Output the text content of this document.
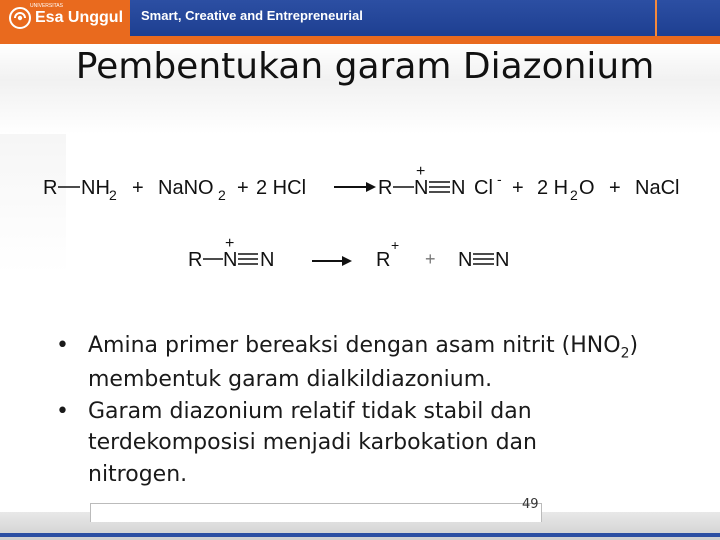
Esa Unggul
UNIVERSITAS
Smart, Creative and Entrepreneurial
Pembentukan garam Diazonium
R NH 2 + NaNO 2 + 2 HCl	R N
+
N Cl - + 2 H 2 O + NaCl
R N
+
N	R
+
+ N N
• Amina primer bereaksi dengan asam nitrit $(HNO_2)$
membentuk garam dialkildiazonium.
• Garam diazonium relatif tidak stabil dan
terdekomposisi menjadi karbokation dan
nitrogen.
49
